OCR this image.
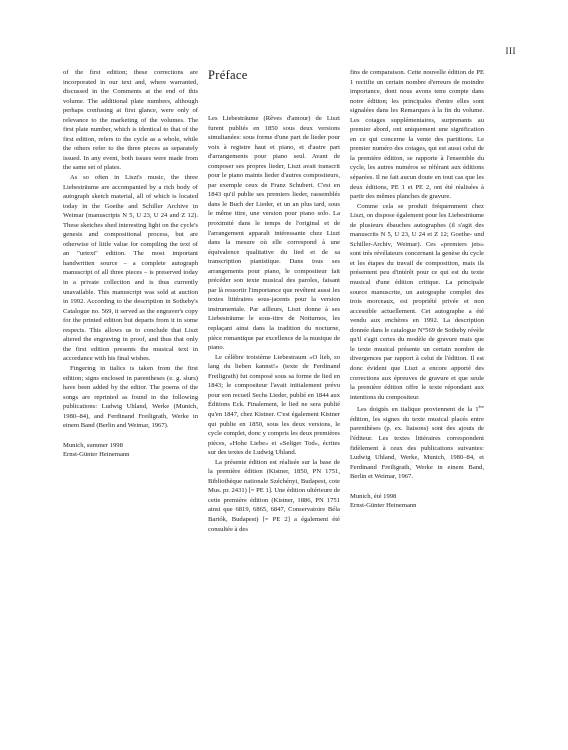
III

of the first edition; these corrections are incorporated in our text and, where warranted, discussed in the Comments at the end of this volume. The additional plate numbers, although perhaps confusing at first glance, were only of relevance to the marketing of the volumes. The first plate number, which is identical to that of the first edition, refers to the cycle as a whole, while the others refer to the three pieces as separately issued. In any event, both issues were made from the same set of plates.

As so often in Liszt's music, the three Liebesträume are accompanied by a rich body of autograph sketch material, all of which is located today in the Goethe and Schiller Archive in Weimar (manuscripts N 5, U 23, U 24 and Z 12). These sketches shed interesting light on the cycle's genesis and compositional process, but are otherwise of little value for compiling the text of an "urtext" edition. The most important handwritten source – a complete autograph manuscript of all three pieces – is preserved today in a private collection and is thus currently unavailable. This manuscript was sold at auction in 1992. According to the description in Sotheby's Catalogue no. 569, it served as the engraver's copy for the printed edition but departs from it in some respects. This allows us to conclude that Liszt altered the engraving in proof, and thus that only the first edition presents the musical text in accordance with his final wishes.

Fingering in italics is taken from the first edition; signs enclosed in parentheses (e. g. slurs) have been added by the editor. The poems of the songs are reprinted as found in the following publications: Ludwig Uhland, Werke (Munich, 1980–84), and Ferdinand Freiligrath, Werke in einem Band (Berlin and Weimar, 1967).

Munich, summer 1998

Ernst-Günter Heinemann

Préface

Les Liebesträume (Rêves d'amour) de Liszt furent publiés en 1850 sous deux versions simultanées: sous forme d'une part de lieder pour voix à registre haut et piano, et d'autre part d'arrangements pour piano seul. Avant de composer ses propres lieder, Liszt avait transcrit pour le piano maints lieder d'autres compositeurs, par exemple ceux de Franz Schubert. C'est en 1843 qu'il publie ses premiers lieder, rassemblés dans le Buch der Lieder, et un an plus tard, sous le même titre, une version pour piano solo. La proximité dans le temps de l'original et de l'arrangement apparaît intéressante chez Liszt dans la mesure où elle correspond à une équivalence qualitative du lied et de sa transcription pianistique. Dans tous ses arrangements pour piano, le compositeur fait précéder son texte musical des paroles, faisant par là ressortir l'importance que revêtent aussi les textes littéraires sous-jacents pour la version instrumentale. Par ailleurs, Liszt donne à ses Liebesträume le sous-titre de Notturnos, les replaçant ainsi dans la tradition du nocturne, pièce romantique par excellence de la musique de piano.

Le célèbre troisième Liebestraum «O lieb, so lang du lieben kannst!» (texte de Ferdinand Freiligrath) fut composé sous sa forme de lied en 1843; le compositeur l'avait initialement prévu pour son recueil Sechs Lieder, publié en 1844 aux Éditions Eck. Finalement, le lied ne sera publié qu'en 1847, chez Kistner. C'est également Kistner qui publie en 1850, sous les deux versions, le cycle complet, donc y compris les deux premières pièces, «Hohe Liebe» et «Seliger Tod», écrites sur des textes de Ludwig Uhland.

La présente édition est réalisée sur la base de la première édition (Kistner, 1850, PN 1751, Bibliothèque nationale Széchényi, Budapest, cote Mus. pr. 2431) [= PE 1]. Une édition ultérieure de cette première édition (Kistner, 1886, PN 1751 ainsi que 6819, 6865, 6847, Conservatoire Béla Bartók, Budapest) [= PE 2] a également été consultée à des

fins de comparaison. Cette nouvelle édition de PE 1 rectifie un certain nombre d'erreurs de moindre importance, dont nous avons tenu compte dans notre édition; les principales d'entre elles sont signalées dans les Remarques à la fin du volume. Les cotages supplémentaires, surprenants au premier abord, ont uniquement une signification en ce qui concerne la vente des partitions. Le premier numéro des cotages, qui est aussi celui de la première édition, se rapporte à l'ensemble du cycle, les autres numéros se référant aux éditions séparées. Il ne fait aucun doute en tout cas que les deux éditions, PE 1 et PE 2, ont été réalisées à partir des mêmes planches de gravure.

Comme cela se produit fréquemment chez Liszt, on dispose également pour les Liebesträume de plusieurs ébauches autographes (il s'agit des manuscrits N 5, U 23, U 24 et Z 12; Goethe- und Schiller-Archiv, Weimar). Ces «premiers jets» sont très révélateurs concernant la genèse du cycle et les étapes du travail de composition, mais ils présentent peu d'intérêt pour ce qui est du texte musical d'une édition critique. La principale source manuscrite, un autographe complet des trois morceaux, est propriété privée et non accessible actuellement. Cet autographe a été vendu aux enchères en 1992. La description donnée dans le catalogue N°569 de Sotheby révèle qu'il s'agit certes du modèle de gravure mais que le texte musical présente un certain nombre de divergences par rapport à celui de l'édition. Il est donc évident que Liszt a encore apporté des corrections aux épreuves de gravure et que seule la première édition offre le texte répondant aux intentions du compositeur.

Les doigtés en italique proviennent de la 1ère édition, les signes du texte musical placés entre parenthèses (p. ex. liaisons) sont des ajouts de l'éditeur. Les textes littéraires correspondent fidèlement à ceux des publications suivantes: Ludwig Uhland, Werke, Munich, 1980–84, et Ferdinand Freiligrath, Werke in einem Band, Berlin et Weimar, 1967.

Munich, été 1998

Ernst-Günter Heinemann
